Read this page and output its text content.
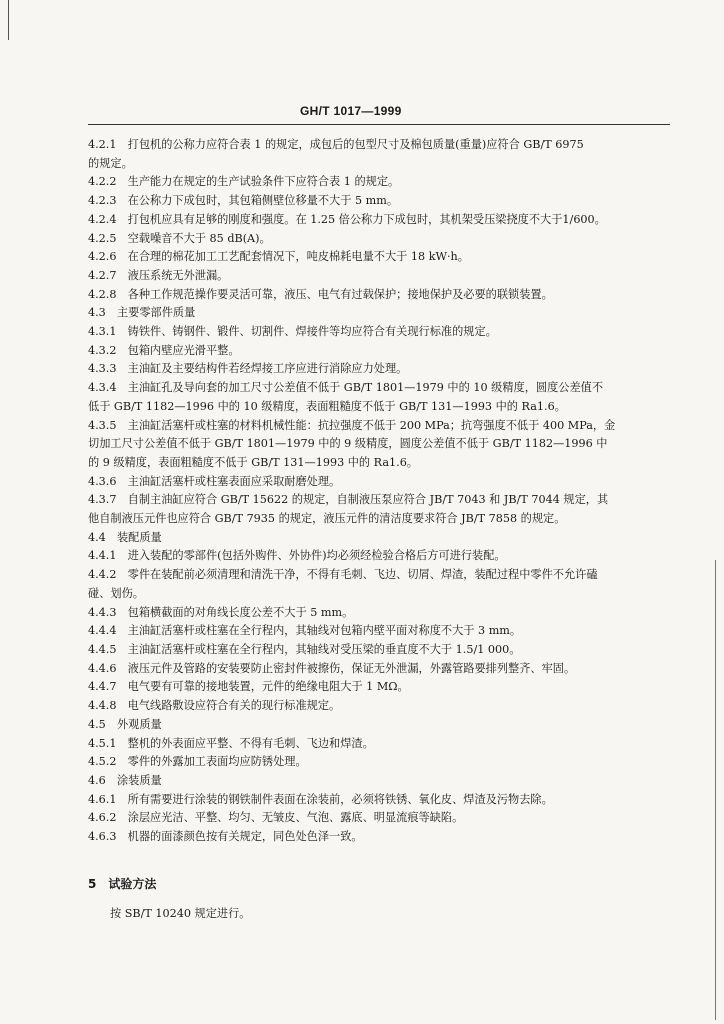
GH/T 1017—1999
4.2.1　打包机的公称力应符合表 1 的规定，成包后的包型尺寸及棉包质量(重量)应符合 GB/T 6975
的规定。
4.2.2　生产能力在规定的生产试验条件下应符合表 1 的规定。
4.2.3　在公称力下成包时，其包箱侧壁位移量不大于 5 mm。
4.2.4　打包机应具有足够的刚度和强度。在 1.25 倍公称力下成包时，其机架受压梁挠度不大于1/600。
4.2.5　空载噪音不大于 85 dB(A)。
4.2.6　在合理的棉花加工工艺配套情况下，吨皮棉耗电量不大于 18 kW·h。
4.2.7　液压系统无外泄漏。
4.2.8　各种工作规范操作要灵活可靠，液压、电气有过载保护；接地保护及必要的联锁装置。
4.3　主要零部件质量
4.3.1　铸铁件、铸钢件、锻件、切割件、焊接件等均应符合有关现行标准的规定。
4.3.2　包箱内壁应光滑平整。
4.3.3　主油缸及主要结构件若经焊接工序应进行消除应力处理。
4.3.4　主油缸孔及导向套的加工尺寸公差值不低于 GB/T 1801—1979 中的 10 级精度，圆度公差值不
低于 GB/T 1182—1996 中的 10 级精度，表面粗糙度不低于 GB/T 131—1993 中的 Ra1.6。
4.3.5　主油缸活塞杆或柱塞的材料机械性能：抗拉强度不低于 200 MPa；抗弯强度不低于 400 MPa，金
切加工尺寸公差值不低于 GB/T 1801—1979 中的 9 级精度，圆度公差值不低于 GB/T 1182—1996 中
的 9 级精度，表面粗糙度不低于 GB/T 131—1993 中的 Ra1.6。
4.3.6　主油缸活塞杆或柱塞表面应采取耐磨处理。
4.3.7　自制主油缸应符合 GB/T 15622 的规定，自制液压泵应符合 JB/T 7043 和 JB/T 7044 规定，其
他自制液压元件也应符合 GB/T 7935 的规定，液压元件的清洁度要求符合 JB/T 7858 的规定。
4.4　装配质量
4.4.1　进入装配的零部件(包括外购件、外协件)均必须经检验合格后方可进行装配。
4.4.2　零件在装配前必须清理和清洗干净，不得有毛刺、飞边、切屑、焊渣，装配过程中零件不允许磕
碰、划伤。
4.4.3　包箱横截面的对角线长度公差不大于 5 mm。
4.4.4　主油缸活塞杆或柱塞在全行程内，其轴线对包箱内壁平面对称度不大于 3 mm。
4.4.5　主油缸活塞杆或柱塞在全行程内，其轴线对受压梁的垂直度不大于 1.5/1 000。
4.4.6　液压元件及管路的安装要防止密封件被擦伤，保证无外泄漏，外露管路要排列整齐、牢固。
4.4.7　电气要有可靠的接地装置，元件的绝缘电阻大于 1 MΩ。
4.4.8　电气线路敷设应符合有关的现行标准规定。
4.5　外观质量
4.5.1　整机的外表面应平整、不得有毛刺、飞边和焊渣。
4.5.2　零件的外露加工表面均应防锈处理。
4.6　涂装质量
4.6.1　所有需要进行涂装的钢铁制件表面在涂装前，必须将铁锈、氧化皮、焊渣及污物去除。
4.6.2　涂层应光洁、平整、均匀、无皱皮、气泡、露底、明显流痕等缺陷。
4.6.3　机器的面漆颜色按有关规定，同色处色泽一致。
5　试验方法
按 SB/T 10240 规定进行。
